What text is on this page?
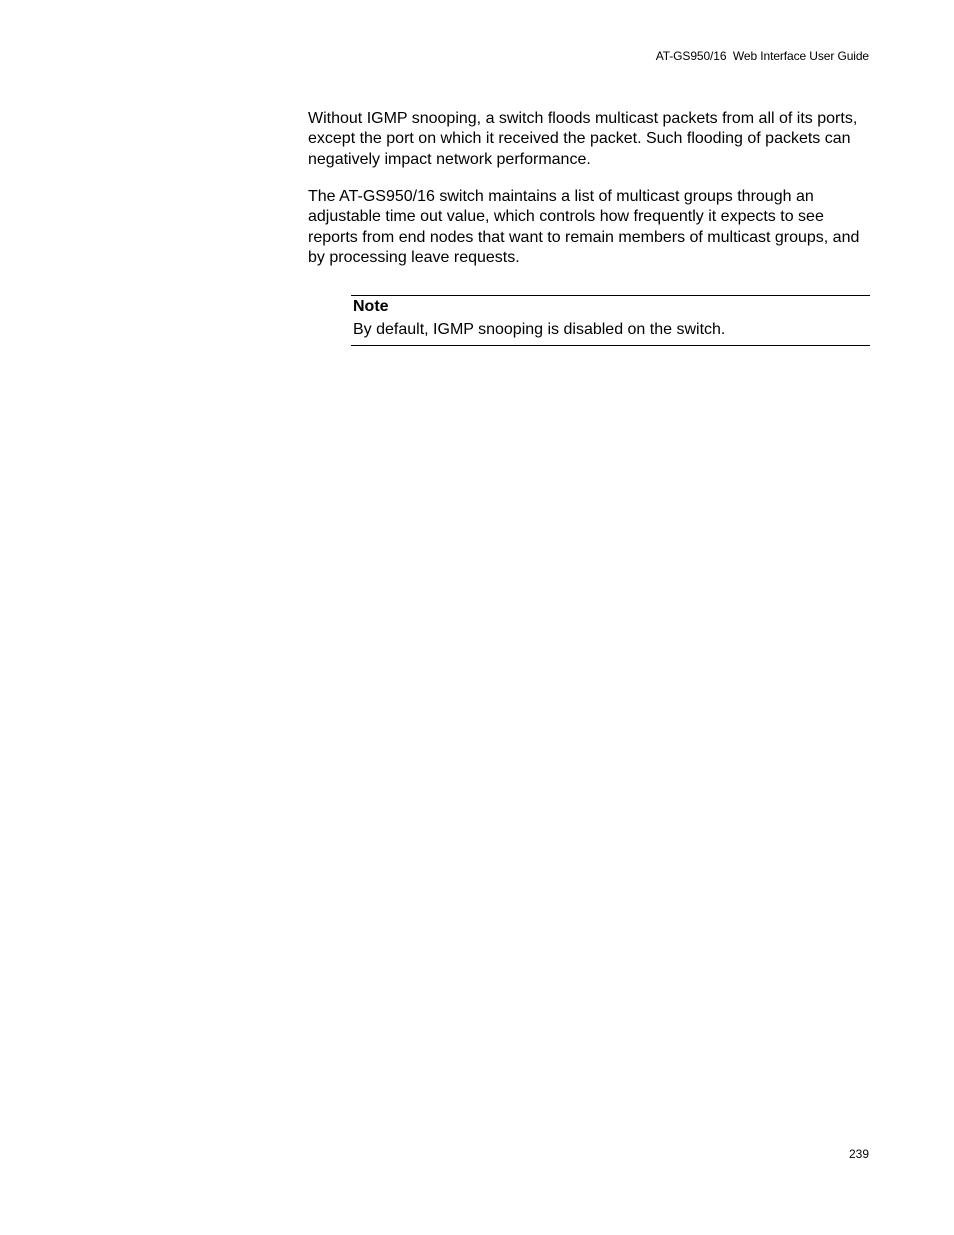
AT-GS950/16  Web Interface User Guide

Without IGMP snooping, a switch floods multicast packets from all of its ports, except the port on which it received the packet. Such flooding of packets can negatively impact network performance.

The AT-GS950/16 switch maintains a list of multicast groups through an adjustable time out value, which controls how frequently it expects to see reports from end nodes that want to remain members of multicast groups, and by processing leave requests.

Note
By default, IGMP snooping is disabled on the switch.
239
